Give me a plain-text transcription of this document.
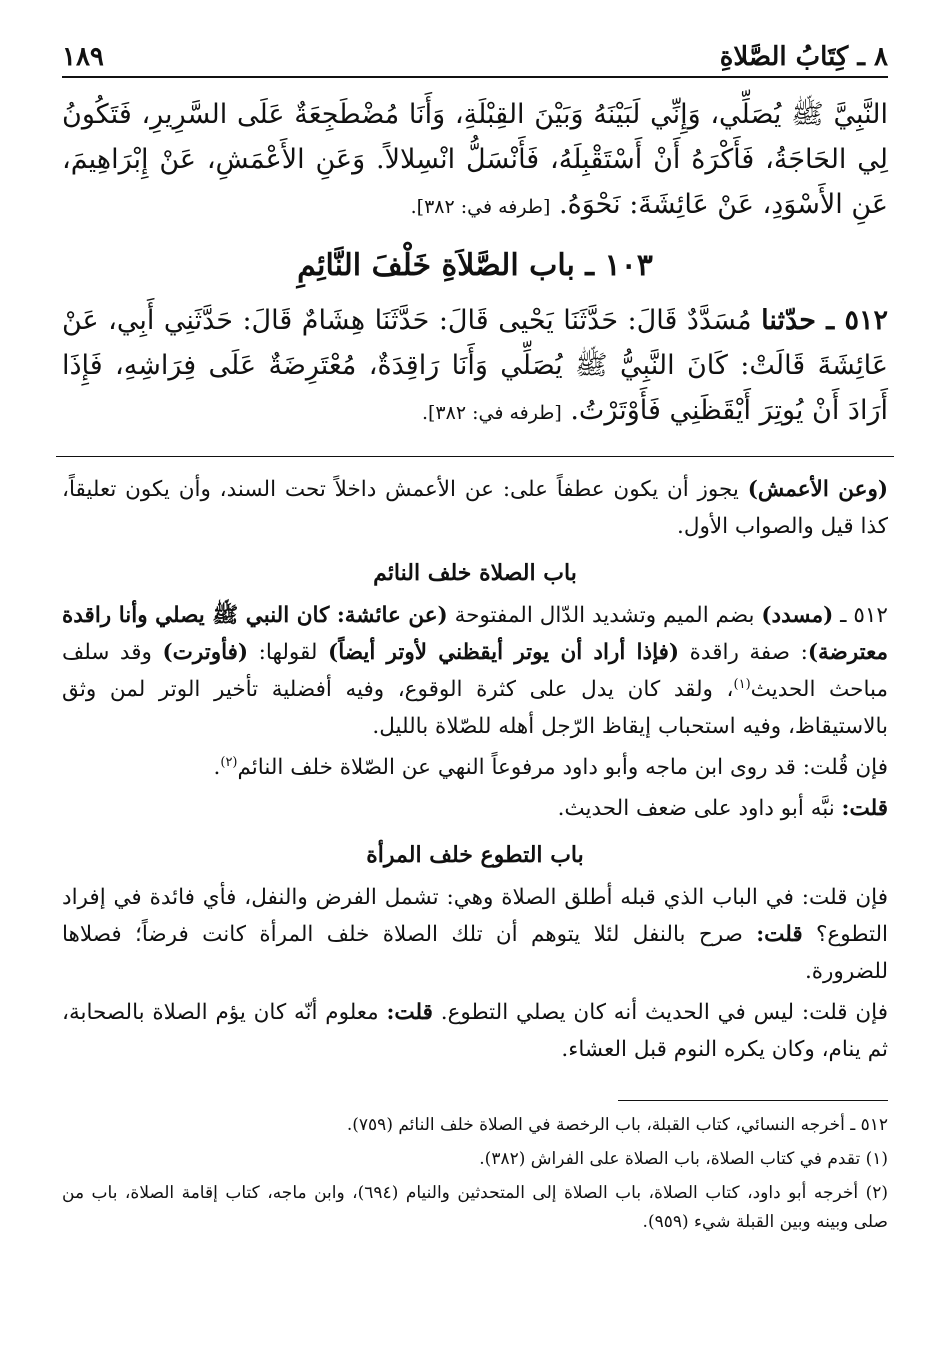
٨ ـ كِتَابُ الصَّلاةِ
١٨٩

النَّبِيَّ ﷺ يُصَلِّي، وَإِنِّي لَبَيْنَهُ وَبَيْنَ القِبْلَةِ، وَأَنَا مُضْطَجِعَةٌ عَلَى السَّرِيرِ، فَتَكُونُ لِي الحَاجَةُ، فَأَكْرَهُ أَنْ أَسْتَقْبِلَهُ، فَأَنْسَلُّ انْسِلالاً. وَعَنِ الأَعْمَشِ، عَنْ إِبْرَاهِيمَ، عَنِ الأَسْوَدِ، عَنْ عَائِشَةَ: نَحْوَهُ. [طرفه في: ٣٨٢].

١٠٣ ـ باب الصَّلاَةِ خَلْفَ النَّائِمِ

٥١٢ ـ حدّثنا مُسَدَّدٌ قَالَ: حَدَّثَنَا يَحْيى قَالَ: حَدَّثَنَا هِشَامٌ قَالَ: حَدَّثَنِي أَبِي، عَنْ عَائِشَةَ قَالَتْ: كَانَ النَّبِيُّ ﷺ يُصَلِّي وَأَنَا رَاقِدَةٌ، مُعْتَرِضَةٌ عَلَى فِرَاشِهِ، فَإِذَا أَرَادَ أَنْ يُوتِرَ أَيْقَظَنِي فَأَوْتَرْتُ. [طرفه في: ٣٨٢].

(وعن الأعمش) يجوز أن يكون عطفاً على: عن الأعمش داخلاً تحت السند، وأن يكون تعليقاً، كذا قيل والصواب الأول.

باب الصلاة خلف النائم

٥١٢ ـ (مسدد) بضم الميم وتشديد الدّال المفتوحة (عن عائشة: كان النبي ﷺ يصلي وأنا راقدة معترضة): صفة راقدة (فإذا أراد أن يوتر أيقظني لأوتر أيضاً) لقولها: (فأوترت) وقد سلف مباحث الحديث$^{(١)}$، ولقد كان يدل على كثرة الوقوع، وفيه أفضلية تأخير الوتر لمن وثق بالاستيقاظ، وفيه استحباب إيقاظ الرّجل أهله للصّلاة بالليل.

فإن قُلت: قد روى ابن ماجه وأبو داود مرفوعاً النهي عن الصّلاة خلف النائم$^{(٢)}$.

قلت: نبَّه أبو داود على ضعف الحديث.

باب التطوع خلف المرأة

فإن قلت: في الباب الذي قبله أطلق الصلاة وهي: تشمل الفرض والنفل، فأي فائدة في إفراد التطوع؟ قلت: صرح بالنفل لئلا يتوهم أن تلك الصلاة خلف المرأة كانت فرضاً؛ فصلاها للضرورة.

فإن قلت: ليس في الحديث أنه كان يصلي التطوع. قلت: معلوم أنّه كان يؤم الصلاة بالصحابة، ثم ينام، وكان يكره النوم قبل العشاء.

٥١٢ ـ أخرجه النسائي، كتاب القبلة، باب الرخصة في الصلاة خلف النائم (٧٥٩).

(١) تقدم في كتاب الصلاة، باب الصلاة على الفراش (٣٨٢).

(٢) أخرجه أبو داود، كتاب الصلاة، باب الصلاة إلى المتحدثين والنيام (٦٩٤)، وابن ماجه، كتاب إقامة الصلاة، باب من صلى وبينه وبين القبلة شيء (٩٥٩).
